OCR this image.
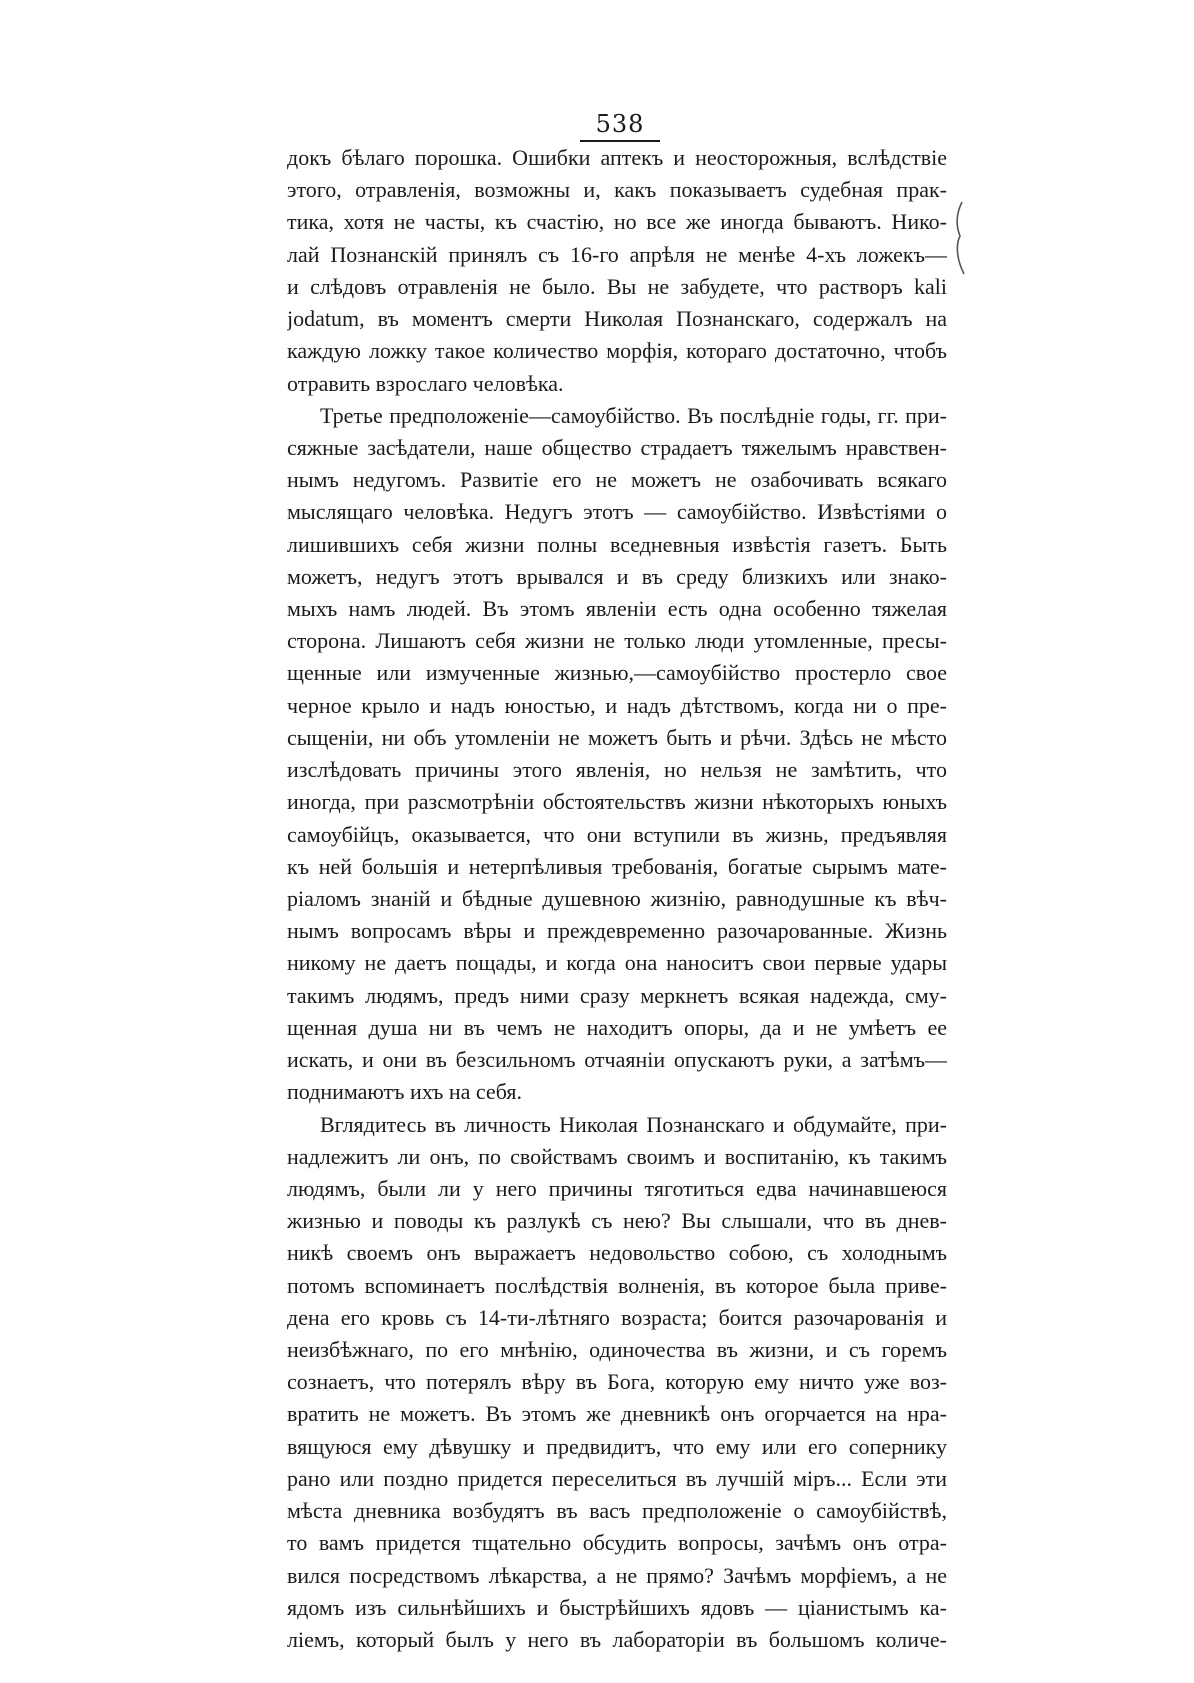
538
докъ бѣлаго порошка. Ошибки аптекъ и неосторожныя, вслѣдствіе
этого, отравленія, возможны и, какъ показываетъ судебная прак-
тика, хотя не часты, къ счастію, но все же иногда бываютъ. Нико-
лай Познанскій принялъ съ 16-го апрѣля не менѣе 4-хъ ложекъ—
и слѣдовъ отравленія не было. Вы не забудете, что растворъ kali
jodatum, въ моментъ смерти Николая Познанскаго, содержалъ на
каждую ложку такое количество морфія, котораго достаточно, чтобъ
отравить взрослаго человѣка.
Третье предположеніе—самоубійство. Въ послѣдніе годы, гг. при-
сяжные засѣдатели, наше общество страдаетъ тяжелымъ нравствен-
нымъ недугомъ. Развитіе его не можетъ не озабочивать всякаго
мыслящаго человѣка. Недугъ этотъ — самоубійство. Извѣстіями о
лишившихъ себя жизни полны вседневныя извѣстія газетъ. Быть
можетъ, недугъ этотъ врывался и въ среду близкихъ или знако-
мыхъ намъ людей. Въ этомъ явленіи есть одна особенно тяжелая
сторона. Лишаютъ себя жизни не только люди утомленные, пресы-
щенные или измученные жизнью,—самоубійство простерло свое
черное крыло и надъ юностью, и надъ дѣтствомъ, когда ни о пре-
сыщеніи, ни объ утомленіи не можетъ быть и рѣчи. Здѣсь не мѣсто
изслѣдовать причины этого явленія, но нельзя не замѣтить, что
иногда, при разсмотрѣніи обстоятельствъ жизни нѣкоторыхъ юныхъ
самоубійцъ, оказывается, что они вступили въ жизнь, предъявляя
къ ней большія и нетерпѣливыя требованія, богатые сырымъ мате-
ріаломъ знаній и бѣдные душевною жизнію, равнодушные къ вѣч-
нымъ вопросамъ вѣры и преждевременно разочарованные. Жизнь
никому не даетъ пощады, и когда она наноситъ свои первые удары
такимъ людямъ, предъ ними сразу меркнетъ всякая надежда, сму-
щенная душа ни въ чемъ не находитъ опоры, да и не умѣетъ ее
искать, и они въ безсильномъ отчаяніи опускаютъ руки, а затѣмъ—
поднимаютъ ихъ на себя.
Вглядитесь въ личность Николая Познанскаго и обдумайте, при-
надлежитъ ли онъ, по свойствамъ своимъ и воспитанію, къ такимъ
людямъ, были ли у него причины тяготиться едва начинавшеюся
жизнью и поводы къ разлукѣ съ нею? Вы слышали, что въ днев-
никѣ своемъ онъ выражаетъ недовольство собою, съ холоднымъ
потомъ вспоминаетъ послѣдствія волненія, въ которое была приве-
дена его кровь съ 14-ти-лѣтняго возраста; боится разочарованія и
неизбѣжнаго, по его мнѣнію, одиночества въ жизни, и съ горемъ
сознаетъ, что потерялъ вѣру въ Бога, которую ему ничто уже воз-
вратить не можетъ. Въ этомъ же дневникѣ онъ огорчается на нра-
вящуюся ему дѣвушку и предвидитъ, что ему или его сопернику
рано или поздно придется переселиться въ лучшій міръ... Если эти
мѣста дневника возбудятъ въ васъ предположеніе о самоубійствѣ,
то вамъ придется тщательно обсудить вопросы, зачѣмъ онъ отра-
вился посредствомъ лѣкарства, а не прямо? Зачѣмъ морфіемъ, а не
ядомъ изъ сильнѣйшихъ и быстрѣйшихъ ядовъ — ціанистымъ ка-
ліемъ, который былъ у него въ лабораторіи въ большомъ количе-
